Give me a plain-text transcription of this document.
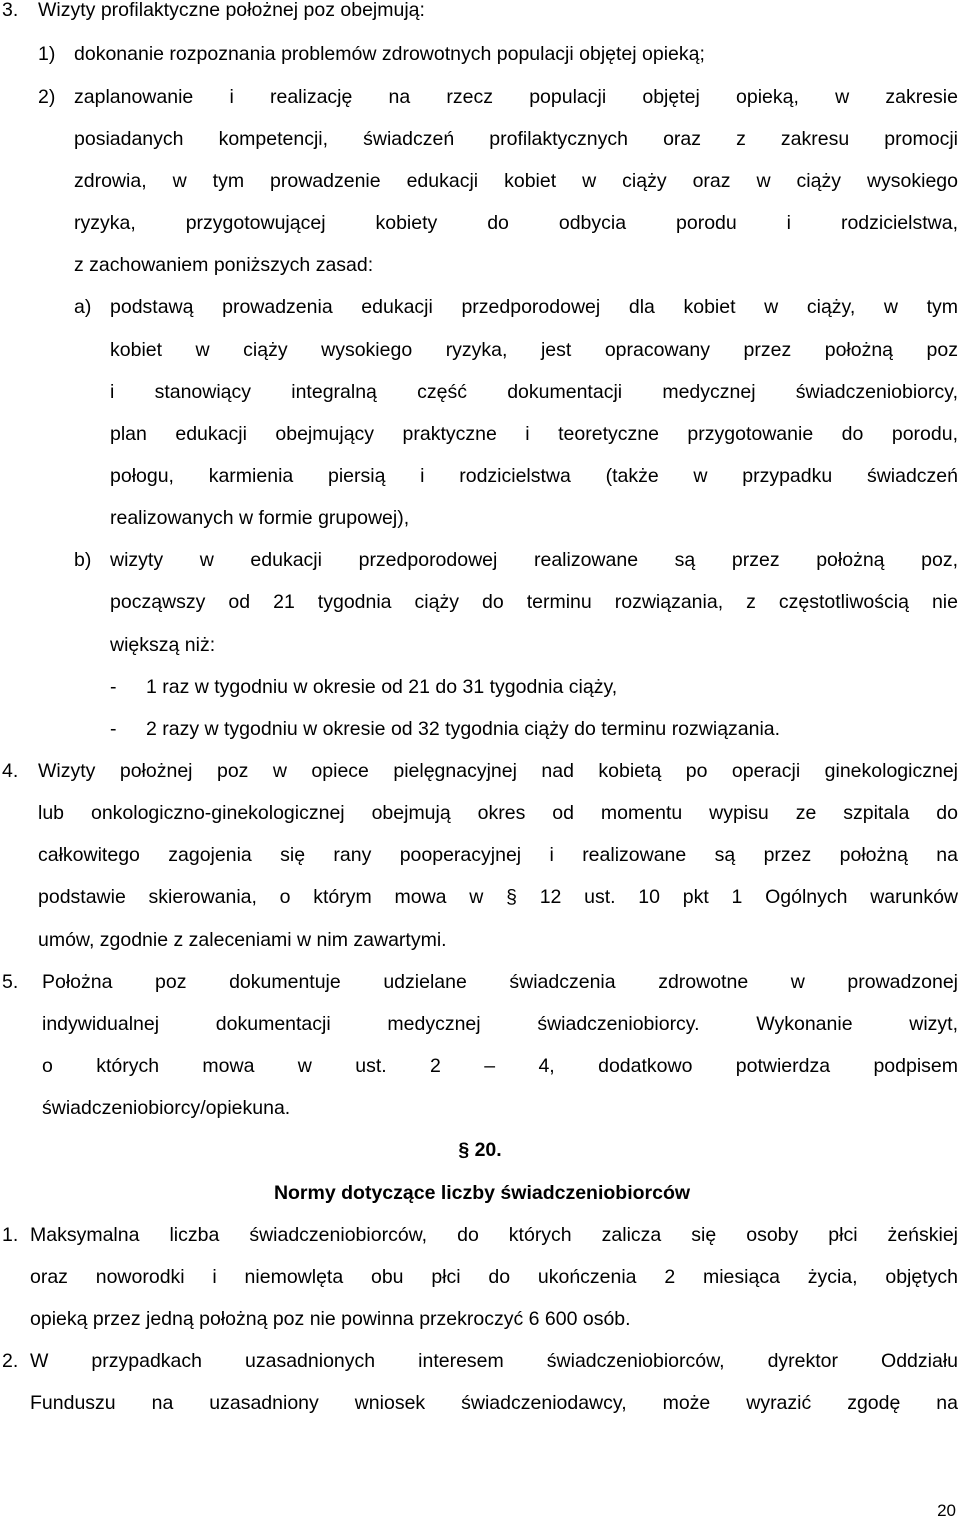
3. Wizyty profilaktyczne położnej poz obejmują:

1) dokonanie rozpoznania problemów zdrowotnych populacji objętej opieką;

2) zaplanowanie i realizację na rzecz populacji objętej opieką, w zakresie

posiadanych kompetencji, świadczeń profilaktycznych oraz z zakresu promocji

zdrowia, w tym prowadzenie edukacji kobiet w ciąży oraz w ciąży wysokiego

ryzyka, przygotowującej kobiety do odbycia porodu i rodzicielstwa,

z zachowaniem poniższych zasad:

a) podstawą prowadzenia edukacji przedporodowej dla kobiet w ciąży, w tym

kobiet w ciąży wysokiego ryzyka, jest opracowany przez położną poz

i stanowiący integralną część dokumentacji medycznej świadczeniobiorcy,

plan edukacji obejmujący praktyczne i teoretyczne przygotowanie do porodu,

połogu, karmienia piersią i rodzicielstwa (także w przypadku świadczeń

realizowanych w formie grupowej),

b) wizyty w edukacji przedporodowej realizowane są przez położną poz,

począwszy od 21 tygodnia ciąży do terminu rozwiązania, z częstotliwością nie

większą niż:

- 1 raz w tygodniu w okresie od 21 do 31 tygodnia ciąży,

- 2 razy w tygodniu w okresie od 32 tygodnia ciąży do terminu rozwiązania.

4. Wizyty położnej poz w opiece pielęgnacyjnej nad kobietą po operacji ginekologicznej

lub onkologiczno-ginekologicznej obejmują okres od momentu wypisu ze szpitala do

całkowitego zagojenia się rany pooperacyjnej i realizowane są przez położną na

podstawie skierowania, o którym mowa w § 12 ust. 10 pkt 1 Ogólnych warunków

umów, zgodnie z zaleceniami w nim zawartymi.

5. Położna poz dokumentuje udzielane świadczenia zdrowotne w prowadzonej

indywidualnej dokumentacji medycznej świadczeniobiorcy. Wykonanie wizyt,

o których mowa w ust. 2 – 4, dodatkowo potwierdza podpisem

świadczeniobiorcy/opiekuna.

§ 20.

Normy dotyczące liczby świadczeniobiorców

1. Maksymalna liczba świadczeniobiorców, do których zalicza się osoby płci żeńskiej

oraz noworodki i niemowlęta obu płci do ukończenia 2 miesiąca życia, objętych

opieką przez jedną położną poz nie powinna przekroczyć 6 600 osób.

2. W przypadkach uzasadnionych interesem świadczeniobiorców, dyrektor Oddziału

Funduszu na uzasadniony wniosek świadczeniodawcy, może wyrazić zgodę na

20
